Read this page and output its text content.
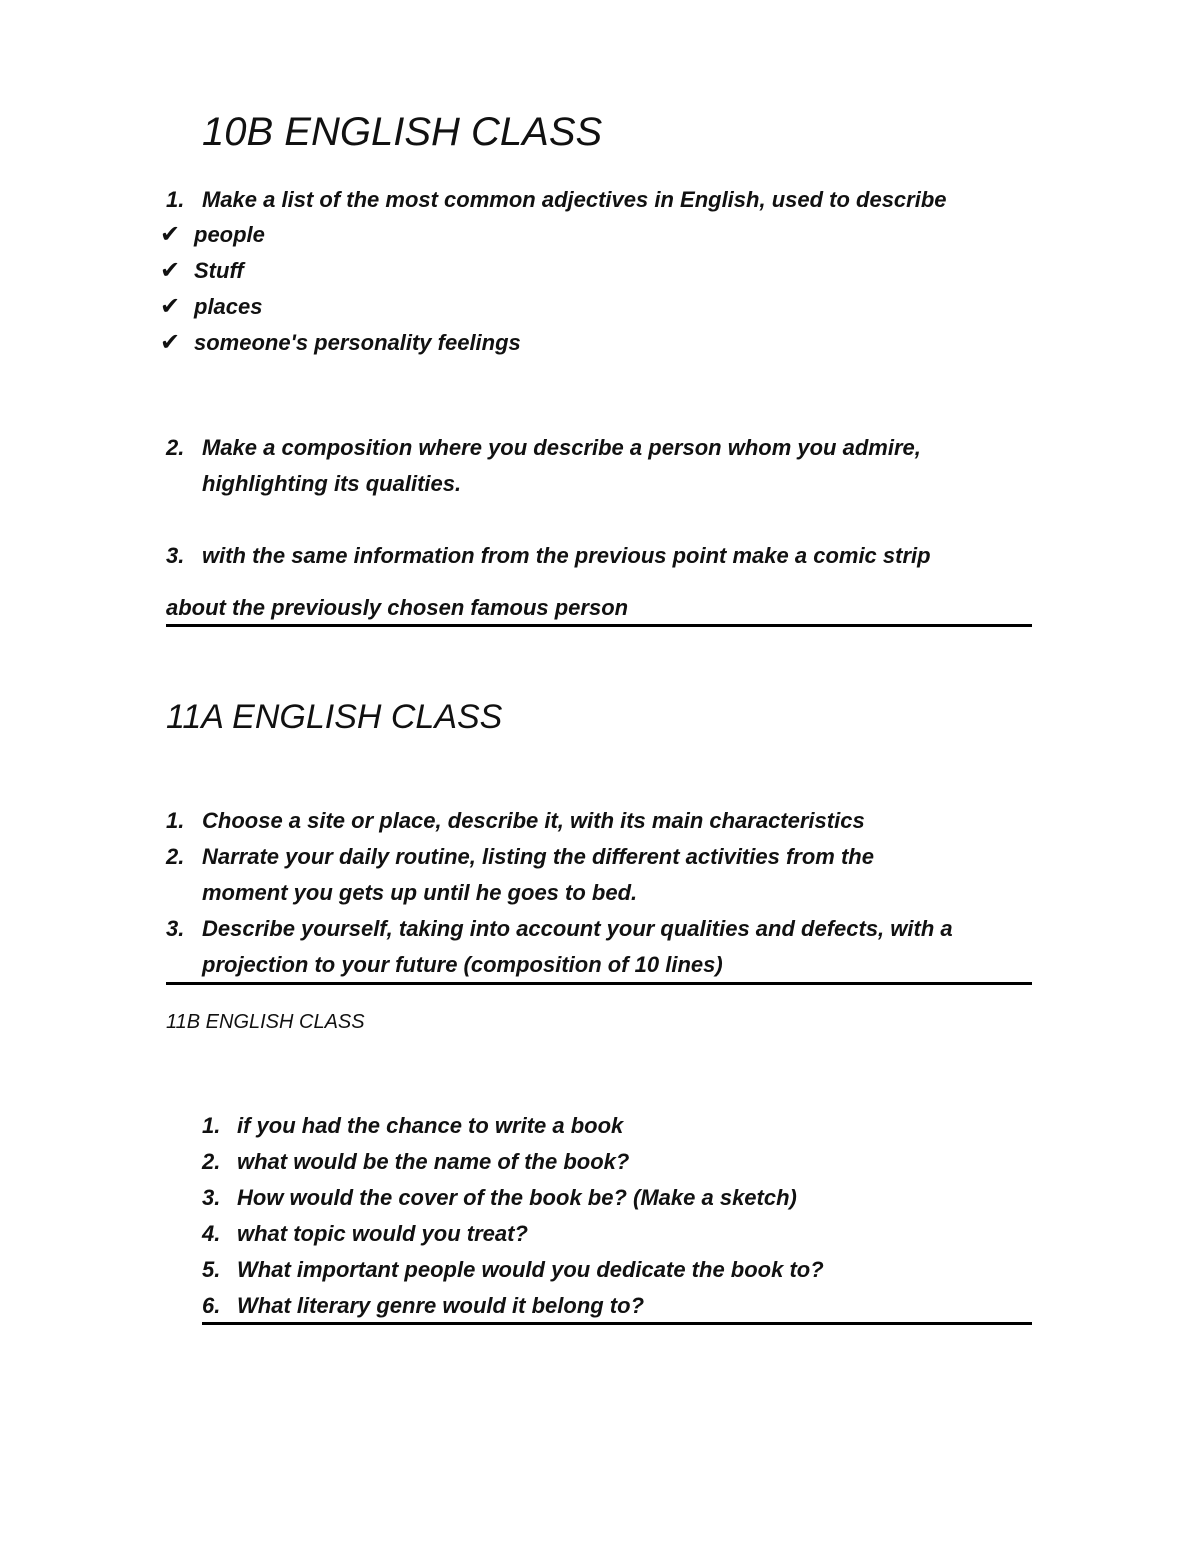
10B ENGLISH CLASS
1. Make a list of the most common adjectives in English, used to describe
✔ people
✔ Stuff
✔ places
✔ someone's personality feelings
2. Make a composition where you describe a person whom you admire,
highlighting its qualities.
3. with the same information from the previous point make a comic strip
about the previously chosen famous person
11A ENGLISH CLASS
1. Choose a site or place, describe it, with its main characteristics
2. Narrate your daily routine, listing the different activities from the
moment you gets up until he goes to bed.
3. Describe yourself, taking into account your qualities and defects, with a
projection to your future (composition of 10 lines)
11B ENGLISH CLASS
1. if you had the chance to write a book
2. what would be the name of the book?
3. How would the cover of the book be? (Make a sketch)
4. what topic would you treat?
5. What important people would you dedicate the book to?
6. What literary genre would it belong to?
